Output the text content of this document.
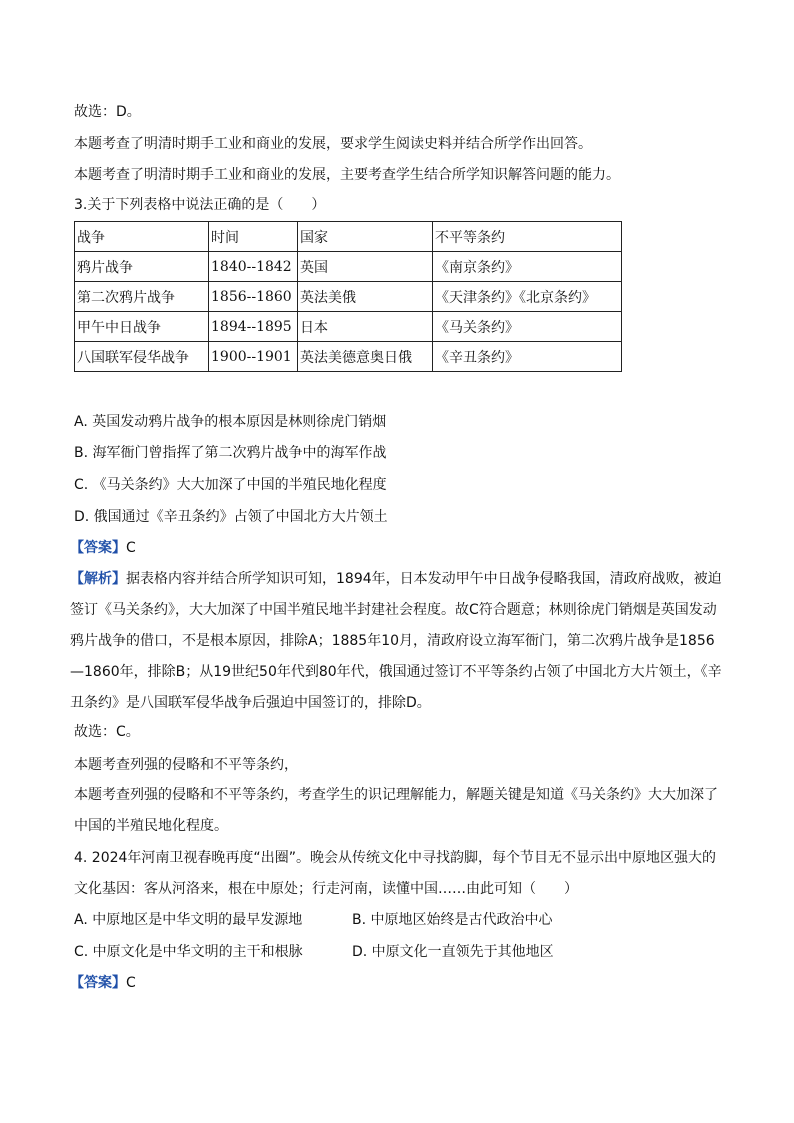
故选：D。
本题考查了明清时期手工业和商业的发展，要求学生阅读史料并结合所学作出回答。
本题考查了明清时期手工业和商业的发展，主要考查学生结合所学知识解答问题的能力。
3.关于下列表格中说法正确的是（　　）
战争	时间	国家	不平等条约
鸦片战争	1840--1842	英国	《南京条约》
第二次鸦片战争	1856--1860	英法美俄	《天津条约》《北京条约》
甲午中日战争	1894--1895	日本	《马关条约》
八国联军侵华战争	1900--1901	英法美德意奥日俄	《辛丑条约》
A. 英国发动鸦片战争的根本原因是林则徐虎门销烟
B. 海军衙门曾指挥了第二次鸦片战争中的海军作战
C. 《马关条约》大大加深了中国的半殖民地化程度
D. 俄国通过《辛丑条约》占领了中国北方大片领土
【答案】C
【解析】据表格内容并结合所学知识可知，1894年，日本发动甲午中日战争侵略我国，清政府战败，被迫签订《马关条约》，大大加深了中国半殖民地半封建社会程度。故C符合题意；林则徐虎门销烟是英国发动鸦片战争的借口，不是根本原因，排除A；1885年10月，清政府设立海军衙门，第二次鸦片战争是1856—1860年，排除B；从19世纪50年代到80年代，俄国通过签订不平等条约占领了中国北方大片领土，《辛丑条约》是八国联军侵华战争后强迫中国签订的，排除D。
故选：C。
本题考查列强的侵略和不平等条约，
本题考查列强的侵略和不平等条约，考查学生的识记理解能力，解题关键是知道《马关条约》大大加深了中国的半殖民地化程度。
4. 2024年河南卫视春晚再度“出圈”。晚会从传统文化中寻找韵脚，每个节目无不显示出中原地区强大的文化基因：客从河洛来，根在中原处；行走河南，读懂中国……由此可知（　　）
A. 中原地区是中华文明的最早发源地	B. 中原地区始终是古代政治中心
C. 中原文化是中华文明的主干和根脉	D. 中原文化一直领先于其他地区
【答案】C
